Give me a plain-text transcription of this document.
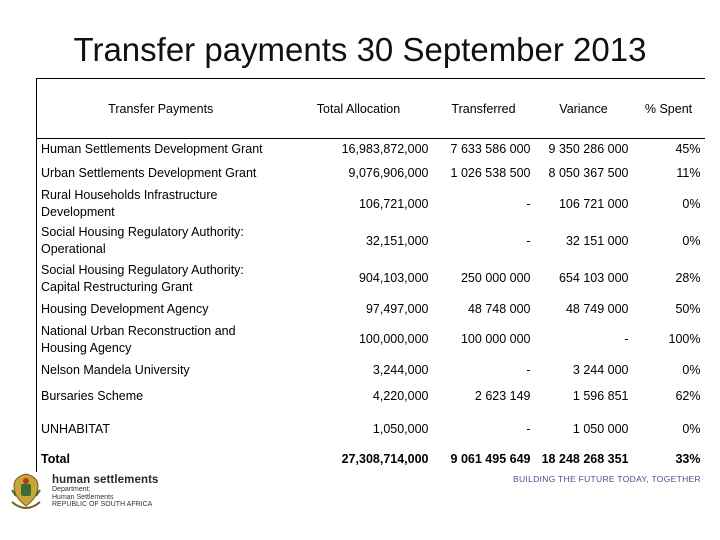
Transfer payments 30 September 2013
Transfer Payments	Total Allocation	Transferred	Variance	% Spent
Human Settlements Development Grant	16,983,872,000	7 633 586 000	9 350 286 000	45%
Urban Settlements Development Grant	9,076,906,000	1 026 538 500	8 050 367 500	11%
Rural Households Infrastructure Development	106,721,000	-	106 721 000	0%
Social Housing Regulatory Authority: Operational	32,151,000	-	32 151 000	0%
Social Housing Regulatory Authority: Capital Restructuring Grant	904,103,000	250 000 000	654 103 000	28%
Housing Development Agency	97,497,000	48 748 000	48 749 000	50%
National Urban Reconstruction and Housing Agency	100,000,000	100 000 000	-	100%
Nelson Mandela University	3,244,000	-	3 244 000	0%
Bursaries Scheme	4,220,000	2 623 149	1 596 851	62%
UNHABITAT	1,050,000	-	1 050 000	0%
Total	27,308,714,000	9 061 495 649	18 248 268 351	33%
human settlements
Department:
Human Settlements
REPUBLIC OF SOUTH AFRICA
BUILDING THE FUTURE TODAY, TOGETHER
